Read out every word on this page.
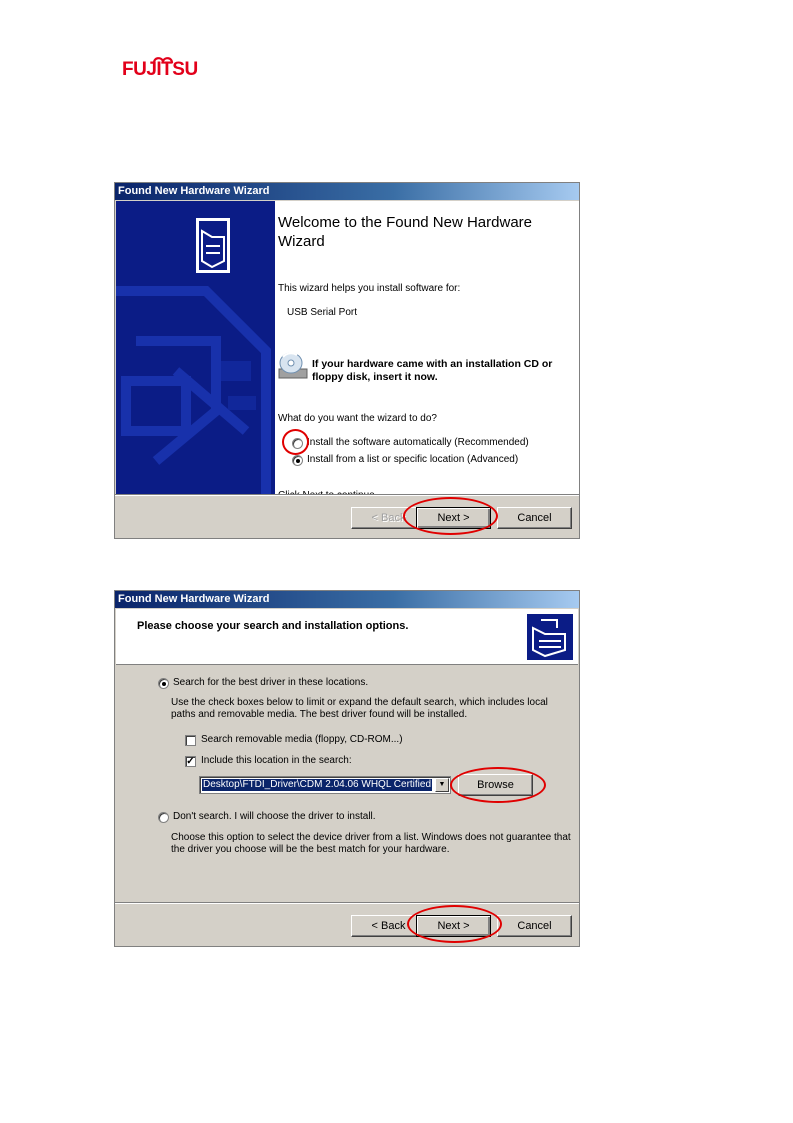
FUJITSU
Found New Hardware Wizard
Welcome to the Found New Hardware Wizard
This wizard helps you install software for:
USB Serial Port
If your hardware came with an installation CD or floppy disk, insert it now.
What do you want the wizard to do?
Install the software automatically (Recommended)
Install from a list or specific location (Advanced)
< Back	Next >	Cancel
Found New Hardware Wizard
Please choose your search and installation options.
Search for the best driver in these locations.
Use the check boxes below to limit or expand the default search, which includes local paths and removable media. The best driver found will be installed.
Search removable media (floppy, CD-ROM...)
✓ Include this location in the search:
Desktop\FTDI_Driver\CDM 2.04.06 WHQL Certified	▼	Browse
Don't search. I will choose the driver to install.
Choose this option to select the device driver from a list. Windows does not guarantee that the driver you choose will be the best match for your hardware.
< Back	Next >	Cancel
